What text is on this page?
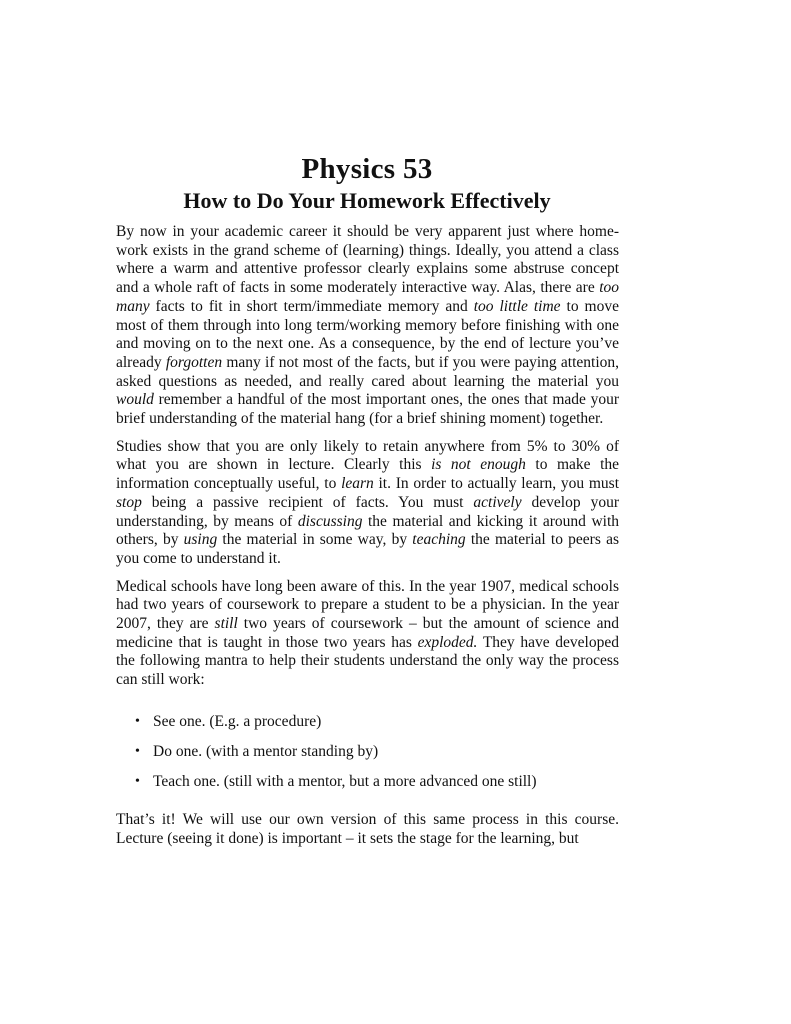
Physics 53
How to Do Your Homework Effectively

By now in your academic career it should be very apparent just where home-work exists in the grand scheme of (learning) things. Ideally, you attend a class where a warm and attentive professor clearly explains some abstruse concept and a whole raft of facts in some moderately interactive way. Alas, there are too many facts to fit in short term/immediate memory and too little time to move most of them through into long term/working memory before finishing with one and moving on to the next one. As a consequence, by the end of lecture you’ve already forgotten many if not most of the facts, but if you were paying attention, asked questions as needed, and really cared about learning the material you would remember a handful of the most important ones, the ones that made your brief understanding of the material hang (for a brief shining moment) together.

Studies show that you are only likely to retain anywhere from 5% to 30% of what you are shown in lecture. Clearly this is not enough to make the information conceptually useful, to learn it. In order to actually learn, you must stop being a passive recipient of facts. You must actively develop your understanding, by means of discussing the material and kicking it around with others, by using the material in some way, by teaching the material to peers as you come to understand it.

Medical schools have long been aware of this. In the year 1907, medical schools had two years of coursework to prepare a student to be a physician. In the year 2007, they are still two years of coursework – but the amount of science and medicine that is taught in those two years has exploded. They have developed the following mantra to help their students understand the only way the process can still work:

• See one. (E.g. a procedure)
• Do one. (with a mentor standing by)
• Teach one. (still with a mentor, but a more advanced one still)

That’s it! We will use our own version of this same process in this course. Lecture (seeing it done) is important – it sets the stage for the learning, but
